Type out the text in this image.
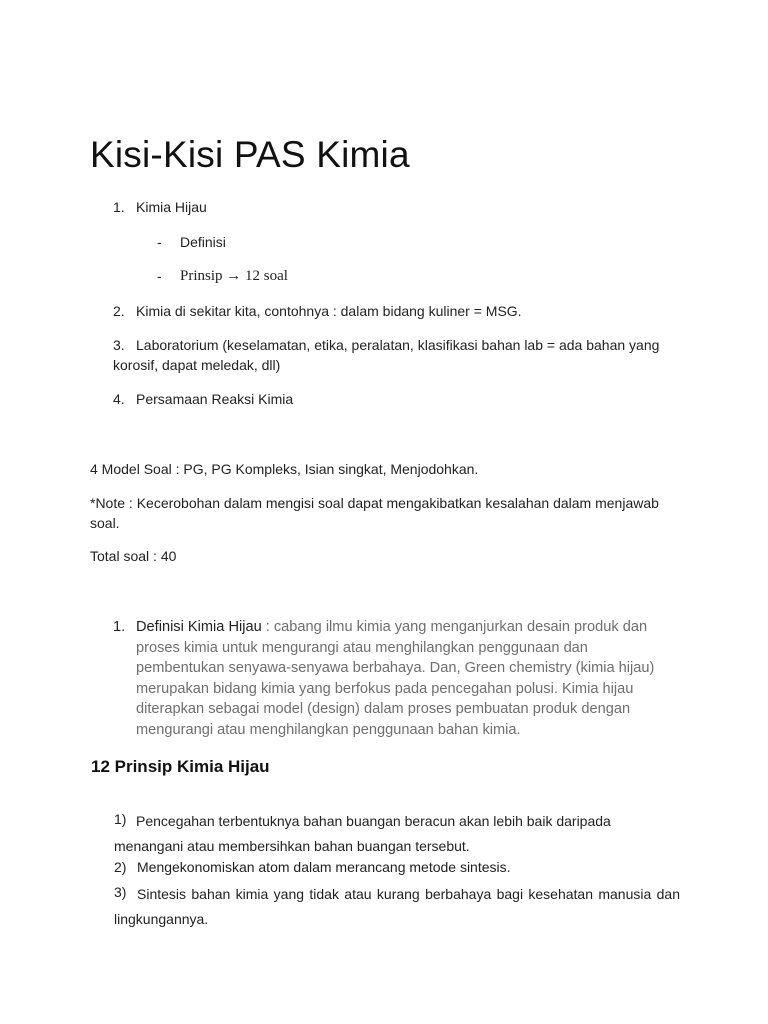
Kisi-Kisi PAS Kimia
1. Kimia Hijau
- Definisi
- Prinsip → 12 soal
2. Kimia di sekitar kita, contohnya : dalam bidang kuliner = MSG.
3. Laboratorium (keselamatan, etika, peralatan, klasifikasi bahan lab = ada bahan yang korosif, dapat meledak, dll)
4. Persamaan Reaksi Kimia

4 Model Soal : PG, PG Kompleks, Isian singkat, Menjodohkan.

*Note : Kecerobohan dalam mengisi soal dapat mengakibatkan kesalahan dalam menjawab soal.

Total soal : 40

1. Definisi Kimia Hijau : cabang ilmu kimia yang menganjurkan desain produk dan proses kimia untuk mengurangi atau menghilangkan penggunaan dan pembentukan senyawa-senyawa berbahaya. Dan, Green chemistry (kimia hijau) merupakan bidang kimia yang berfokus pada pencegahan polusi. Kimia hijau diterapkan sebagai model (design) dalam proses pembuatan produk dengan mengurangi atau menghilangkan penggunaan bahan kimia.
12 Prinsip Kimia Hijau
1) Pencegahan terbentuknya bahan buangan beracun akan lebih baik daripada menangani atau membersihkan bahan buangan tersebut.
2) Mengekonomiskan atom dalam merancang metode sintesis.
3) Sintesis bahan kimia yang tidak atau kurang berbahaya bagi kesehatan manusia dan lingkungannya.
